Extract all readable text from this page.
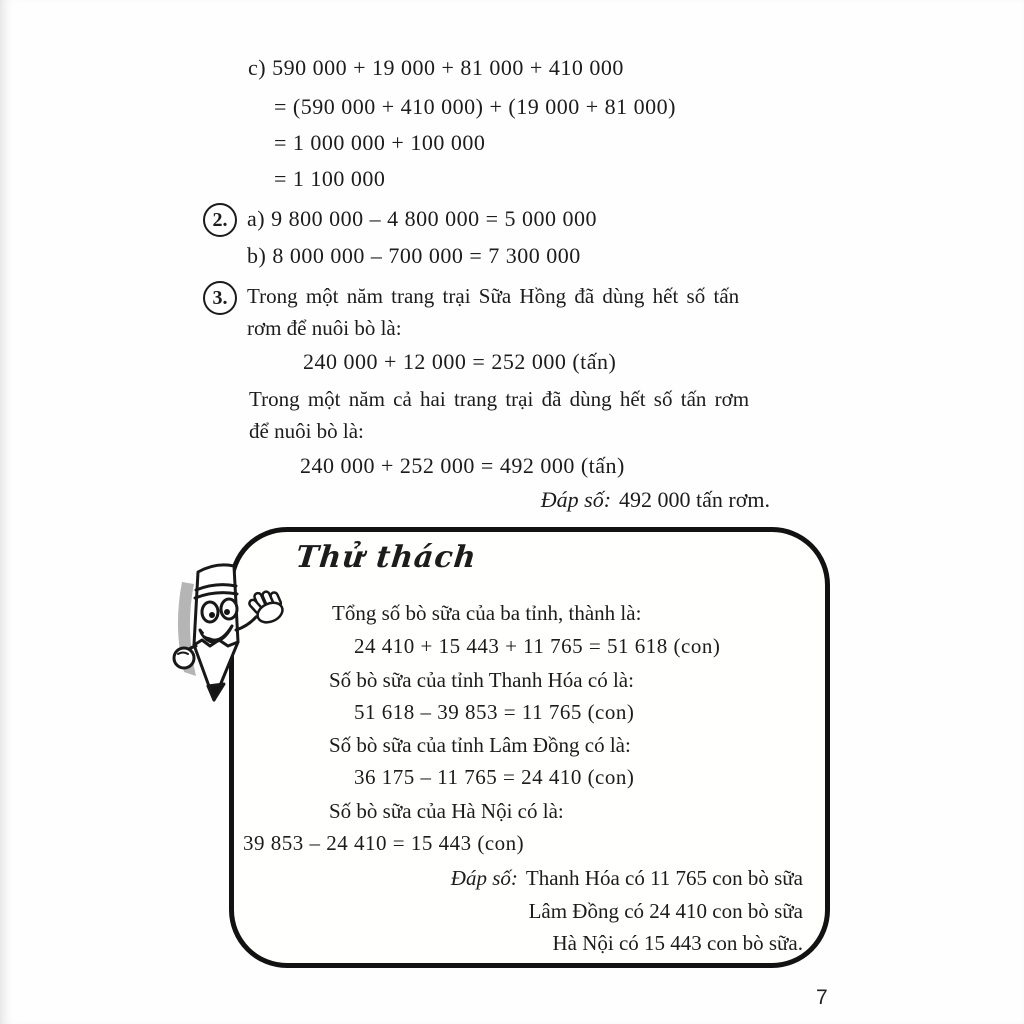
c) 590 000 + 19 000 + 81 000 + 410 000
= (590 000 + 410 000) + (19 000 + 81 000)
= 1 000 000 + 100 000
= 1 100 000
2. a) 9 800 000 – 4 800 000 = 5 000 000
b) 8 000 000 – 700 000 = 7 300 000
3. Trong một năm trang trại Sữa Hồng đã dùng hết số tấn
rơm để nuôi bò là:
240 000 + 12 000 = 252 000 (tấn)
Trong một năm cả hai trang trại đã dùng hết số tấn rơm
để nuôi bò là:
240 000 + 252 000 = 492 000 (tấn)
Đáp số: 492 000 tấn rơm.
Thử thách
Tổng số bò sữa của ba tỉnh, thành là:
24 410 + 15 443 + 11 765 = 51 618 (con)
Số bò sữa của tỉnh Thanh Hóa có là:
51 618 – 39 853 = 11 765 (con)
Số bò sữa của tỉnh Lâm Đồng có là:
36 175 – 11 765 = 24 410 (con)
Số bò sữa của Hà Nội có là:
39 853 – 24 410 = 15 443 (con)
Đáp số: Thanh Hóa có 11 765 con bò sữa
Lâm Đồng có 24 410 con bò sữa
Hà Nội có 15 443 con bò sữa.
7
